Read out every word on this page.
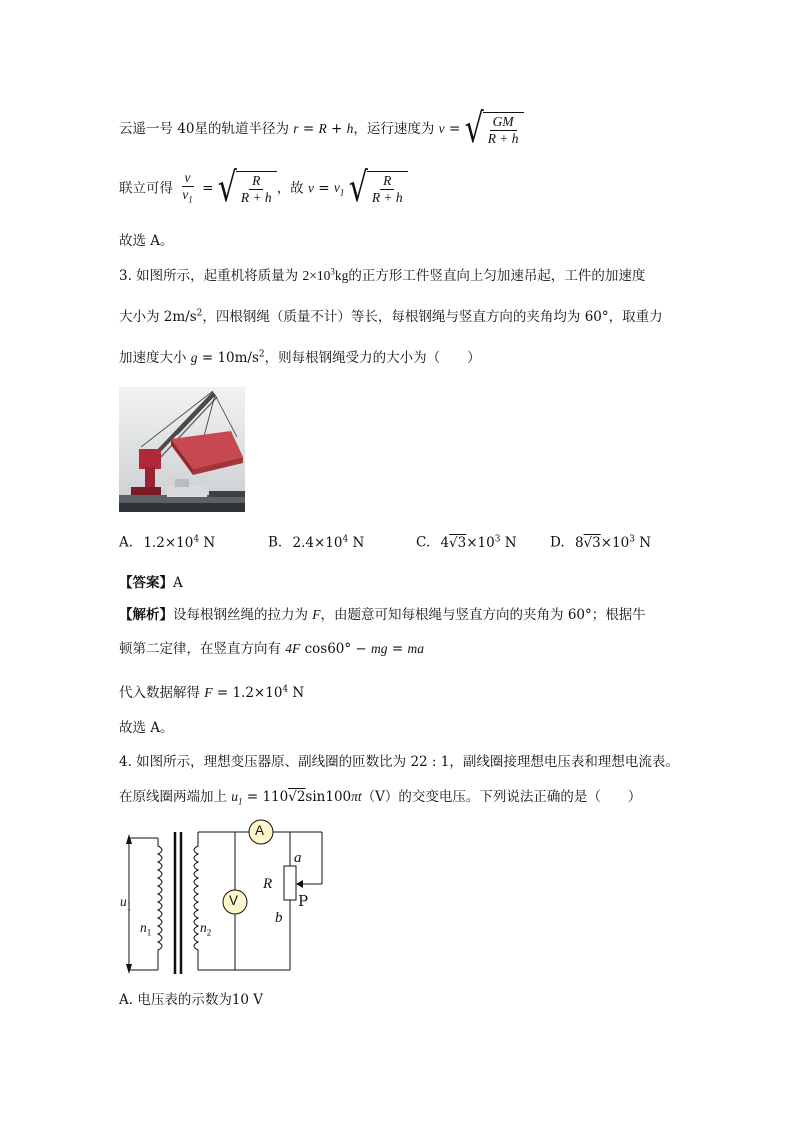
云遥一号 40星的轨道半径为 r = R + h，运行速度为 v = √ $\frac{GM}{R + h}$
联立可得 $\frac{v}{v_1}$ = √ $\frac{R}{R + h}$ ，故 $v = v_1$ √ $\frac{R}{R + h}$
故选 A。
3. 如图所示，起重机将质量为 $2\times 10^3kg$的正方形工件竖直向上匀加速吊起，工件的加速度
大小为 $2m/s^2$，四根钢绳（质量不计）等长，每根钢绳与竖直方向的夹角均为 60°，取重力
加速度大小 $g = 10m/s^2$，则每根钢绳受力的大小为（　　）
A. $1.2\times 10^4$ N	B. $2.4\times 10^4$ N	C. $4√3\times 10^3$ N D. $8√3\times 10^3$ N
【答案】A
【解析】设每根钢丝绳的拉力为 F，由题意可知每根绳与竖直方向的夹角为 60°；根据牛
顿第二定律，在竖直方向有 4F cos60° − mg = ma
代入数据解得 $F = 1.2\times 10^4$ N
故选 A。
4. 如图所示，理想变压器原、副线圈的匝数比为 22 : 1，副线圈接理想电压表和理想电流表。
在原线圈两端加上 $u_1 = 110√2\sin 100\pi t(V)$的交变电压。下列说法正确的是（　　）
$u_1$
$n_1$	$n_2$
A
V
R
a
b
P
A. 电压表的示数为10 V
